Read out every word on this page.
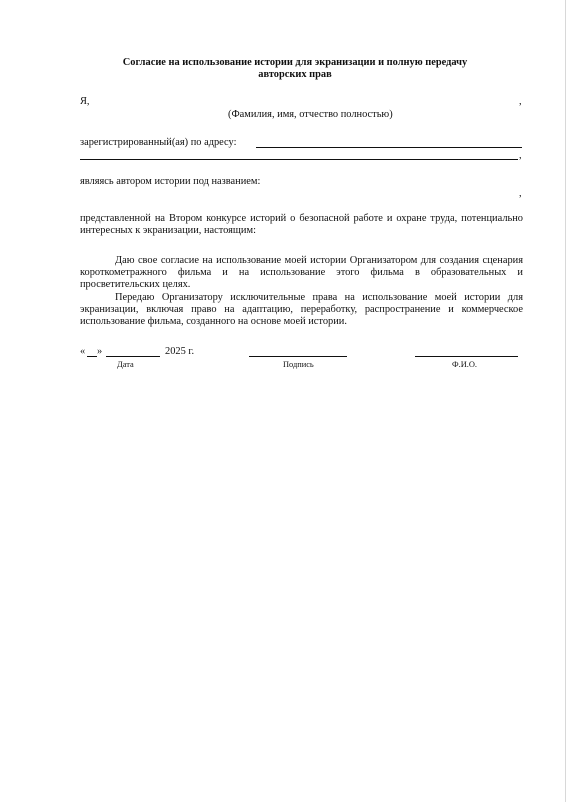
Согласие на использование истории для экранизации и полную передачу
авторских прав
Я,	,
(Фамилия, имя, отчество полностью)
зарегистрированный(ая) по адресу:
,
являясь автором истории под названием:
,
представленной на Втором конкурсе историй о безопасной работе и охране труда, потенциально интересных к экранизации, настоящим:
Даю свое согласие на использование моей истории Организатором для создания сценария короткометражного фильма и на использование этого фильма в образовательных и просветительских целях.
Передаю Организатору исключительные права на использование моей истории для экранизации, включая право на адаптацию, переработку, распространение и коммерческое использование фильма, созданного на основе моей истории.
« »	2025 г.
Дата	Подпись	Ф.И.О.
